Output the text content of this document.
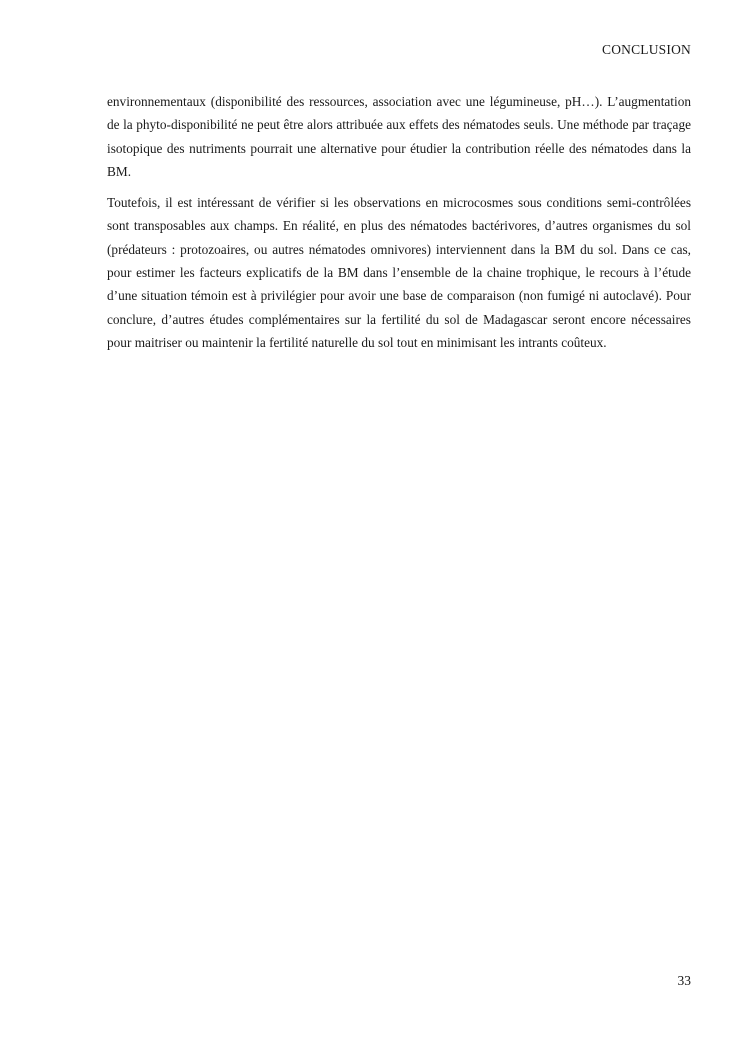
CONCLUSION

environnementaux (disponibilité des ressources, association avec une légumineuse, pH…). L’augmentation de la phyto-disponibilité ne peut être alors attribuée aux effets des nématodes seuls. Une méthode par traçage isotopique des nutriments pourrait une alternative pour étudier la contribution réelle des nématodes dans la BM.

Toutefois, il est intéressant de vérifier si les observations en microcosmes sous conditions semi-contrôlées sont transposables aux champs. En réalité, en plus des nématodes bactérivores, d’autres organismes du sol (prédateurs : protozoaires, ou autres nématodes omnivores) interviennent dans la BM du sol. Dans ce cas, pour estimer les facteurs explicatifs de la BM dans l’ensemble de la chaine trophique, le recours à l’étude d’une situation témoin est à privilégier pour avoir une base de comparaison (non fumigé ni autoclavé). Pour conclure, d’autres études complémentaires sur la fertilité du sol de Madagascar seront encore nécessaires pour maitriser ou maintenir la fertilité naturelle du sol tout en minimisant les intrants coûteux.

33
